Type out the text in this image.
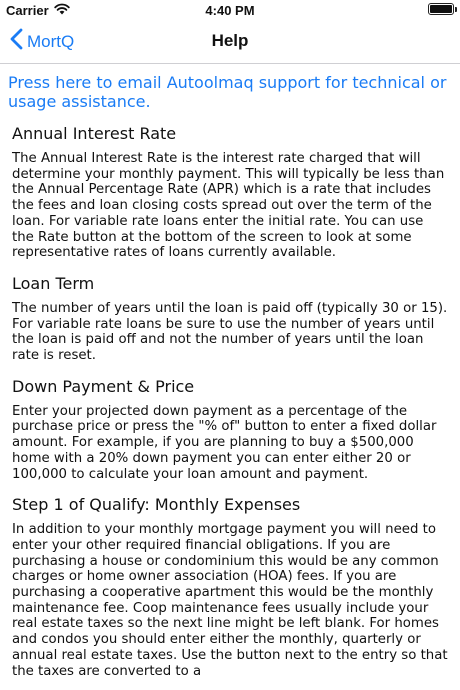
Carrier	4:40 PM
MortQ	Help
Press here to email Autoolmaq support for technical or usage assistance.
Annual Interest Rate

The Annual Interest Rate is the interest rate charged that will determine your monthly payment. This will typically be less than the Annual Percentage Rate (APR) which is a rate that includes the fees and loan closing costs spread out over the term of the loan. For variable rate loans enter the initial rate. You can use the Rate button at the bottom of the screen to look at some representative rates of loans currently available.

Loan Term

The number of years until the loan is paid off (typically 30 or 15). For variable rate loans be sure to use the number of years until the loan is paid off and not the number of years until the loan rate is reset.

Down Payment & Price

Enter your projected down payment as a percentage of the purchase price or press the "% of" button to enter a fixed dollar amount. For example, if you are planning to buy a $500,000 home with a 20% down payment you can enter either 20 or 100,000 to calculate your loan amount and payment.

Step 1 of Qualify: Monthly Expenses

In addition to your monthly mortgage payment you will need to enter your other required financial obligations. If you are purchasing a house or condominium this would be any common charges or home owner association (HOA) fees. If you are purchasing a cooperative apartment this would be the monthly maintenance fee. Coop maintenance fees usually include your real estate taxes so the next line might be left blank. For homes and condos you should enter either the monthly, quarterly or annual real estate taxes. Use the button next to the entry so that the taxes are converted to a
